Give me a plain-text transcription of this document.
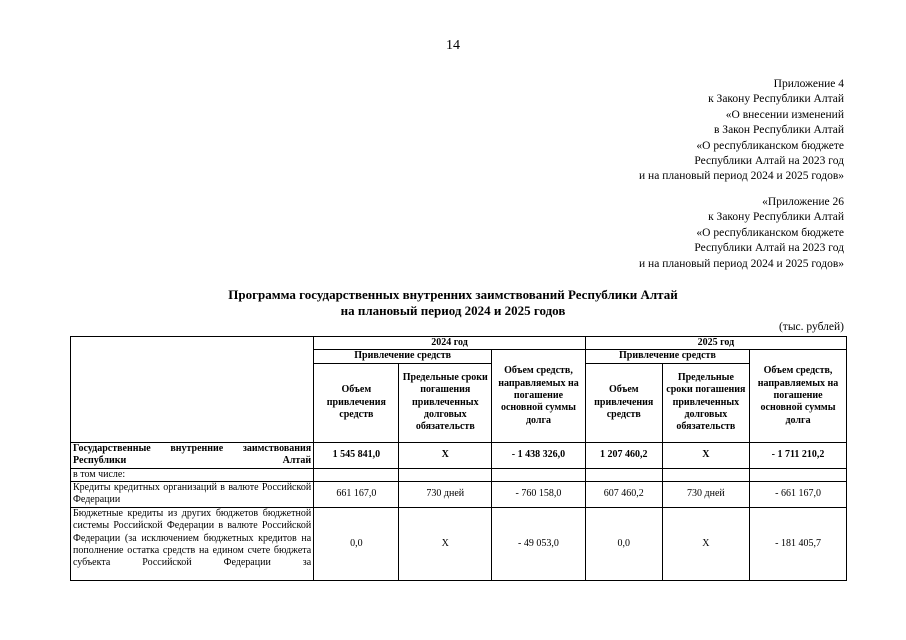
14
Приложение 4
к Закону Республики Алтай
«О внесении изменений
в Закон Республики Алтай
«О республиканском бюджете
Республики Алтай на 2023 год
и на плановый период 2024 и 2025 годов»
«Приложение 26
к Закону Республики Алтай
«О республиканском бюджете
Республики Алтай на 2023 год
и на плановый период 2024 и 2025 годов»
Программа государственных внутренних заимствований Республики Алтай
на плановый период 2024 и 2025 годов
(тыс. рублей)
	2024 год			2025 год		
	Привлечение средств		Объем средств, направляемых на погашение основной суммы долга	Привлечение средств		Объем средств, направляемых на погашение основной суммы долга
	Объем привлечения средств	Предельные сроки погашения привлеченных долговых обязательств		Объем привлечения средств	Предельные сроки погашения привлеченных долговых обязательств	
Государственные внутренние заимствования Республики Алтай	1 545 841,0	Х	- 1 438 326,0	1 207 460,2	Х	- 1 711 210,2
в том числе:						
Кредиты кредитных организаций в валюте Российской Федерации	661 167,0	730 дней	- 760 158,0	607 460,2	730 дней	- 661 167,0
Бюджетные кредиты из других бюджетов бюджетной системы Российской Федерации в валюте Российской Федерации (за исключением бюджетных кредитов на пополнение остатка средств на едином счете бюджета субъекта Российской Федерации за	0,0	Х	- 49 053,0	0,0	Х	- 181 405,7
